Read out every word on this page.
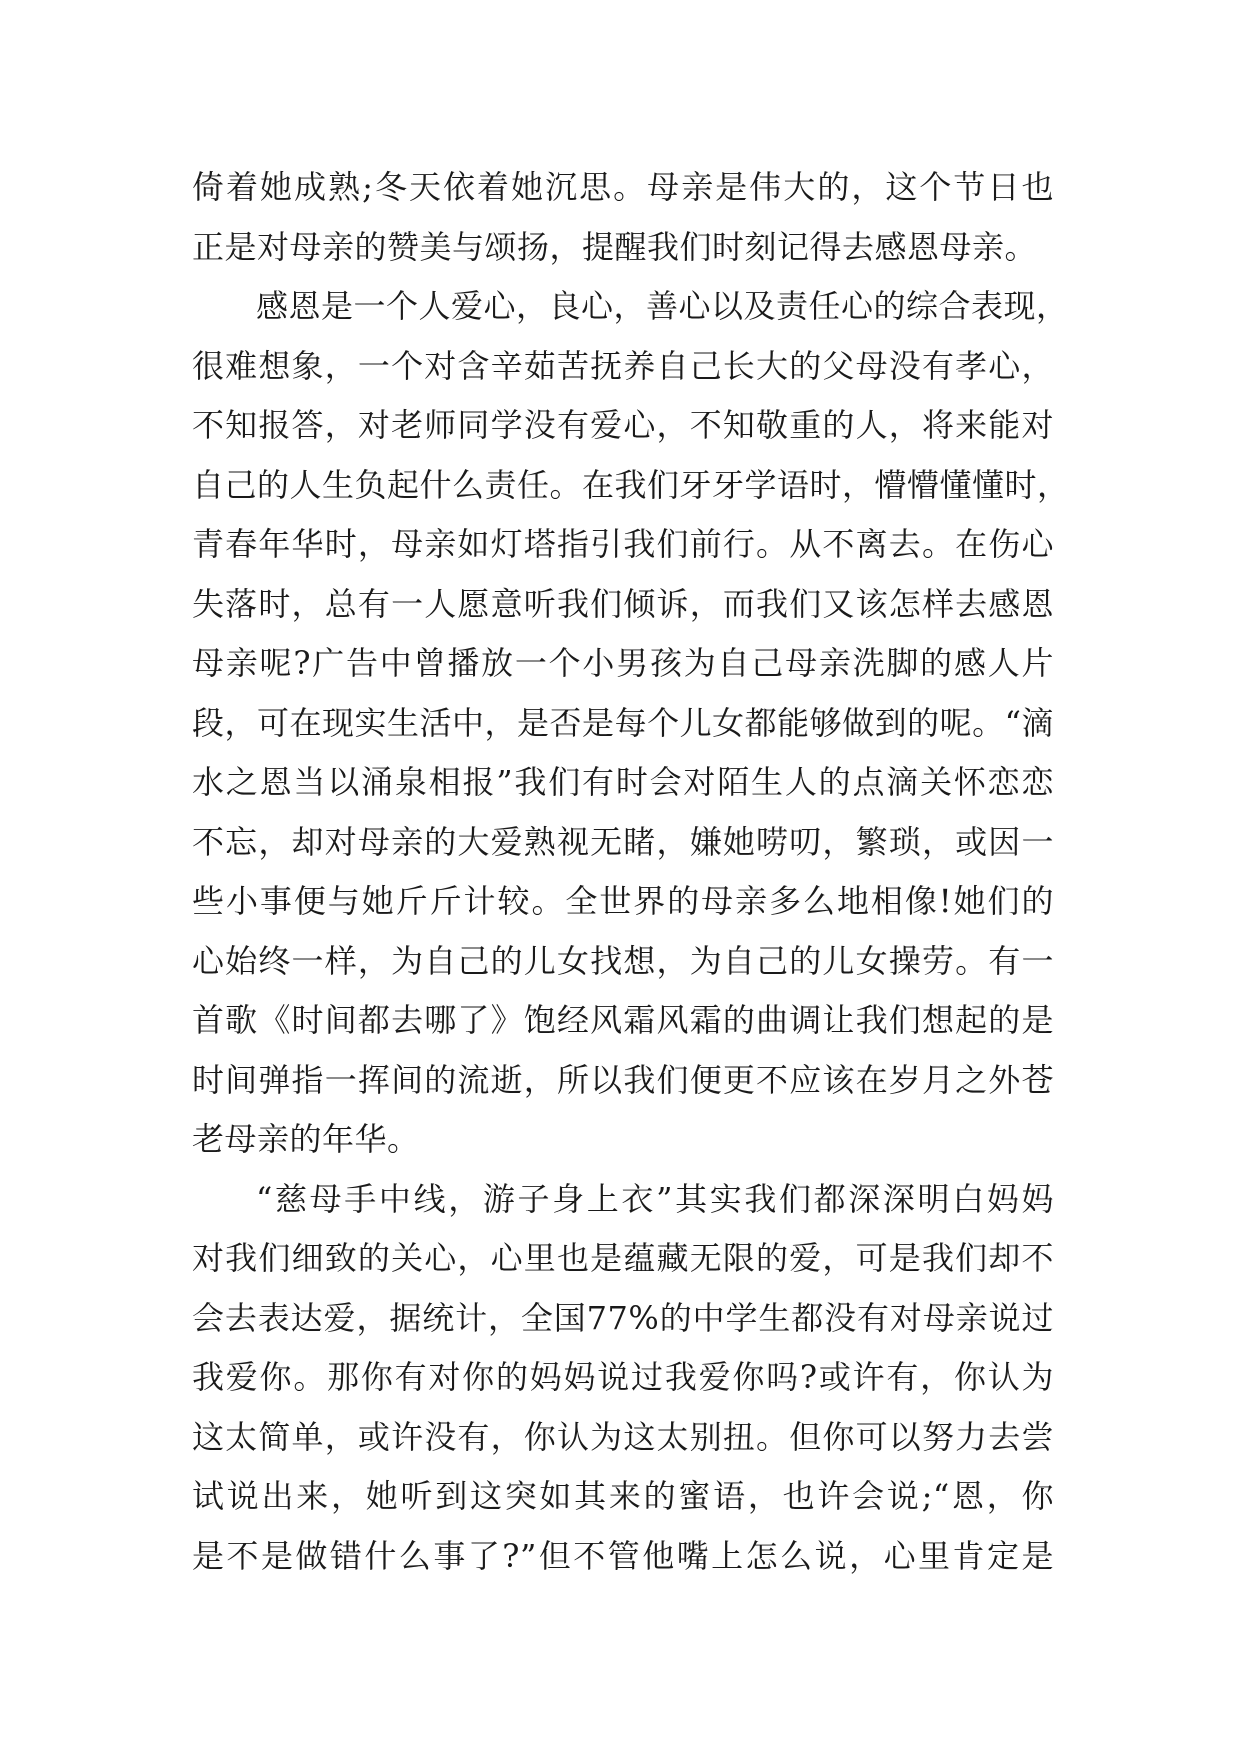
倚着她成熟;冬天依着她沉思。母亲是伟大的，这个节日也
正是对母亲的赞美与颂扬，提醒我们时刻记得去感恩母亲。
感恩是一个人爱心，良心，善心以及责任心的综合表现，
很难想象，一个对含辛茹苦抚养自己长大的父母没有孝心，
不知报答，对老师同学没有爱心，不知敬重的人，将来能对
自己的人生负起什么责任。在我们牙牙学语时，懵懵懂懂时，
青春年华时，母亲如灯塔指引我们前行。从不离去。在伤心
失落时，总有一人愿意听我们倾诉，而我们又该怎样去感恩
母亲呢?广告中曾播放一个小男孩为自己母亲洗脚的感人片
段，可在现实生活中，是否是每个儿女都能够做到的呢。“滴
水之恩当以涌泉相报”我们有时会对陌生人的点滴关怀恋恋
不忘，却对母亲的大爱熟视无睹，嫌她唠叨，繁琐，或因一
些小事便与她斤斤计较。全世界的母亲多么地相像!她们的
心始终一样，为自己的儿女找想，为自己的儿女操劳。有一
首歌《时间都去哪了》饱经风霜风霜的曲调让我们想起的是
时间弹指一挥间的流逝，所以我们便更不应该在岁月之外苍
老母亲的年华。
“慈母手中线，游子身上衣”其实我们都深深明白妈妈
对我们细致的关心，心里也是蕴藏无限的爱，可是我们却不
会去表达爱，据统计，全国77%的中学生都没有对母亲说过
我爱你。那你有对你的妈妈说过我爱你吗?或许有，你认为
这太简单，或许没有，你认为这太别扭。但你可以努力去尝
试说出来，她听到这突如其来的蜜语，也许会说;“恩，你
是不是做错什么事了?”但不管他嘴上怎么说，心里肯定是
